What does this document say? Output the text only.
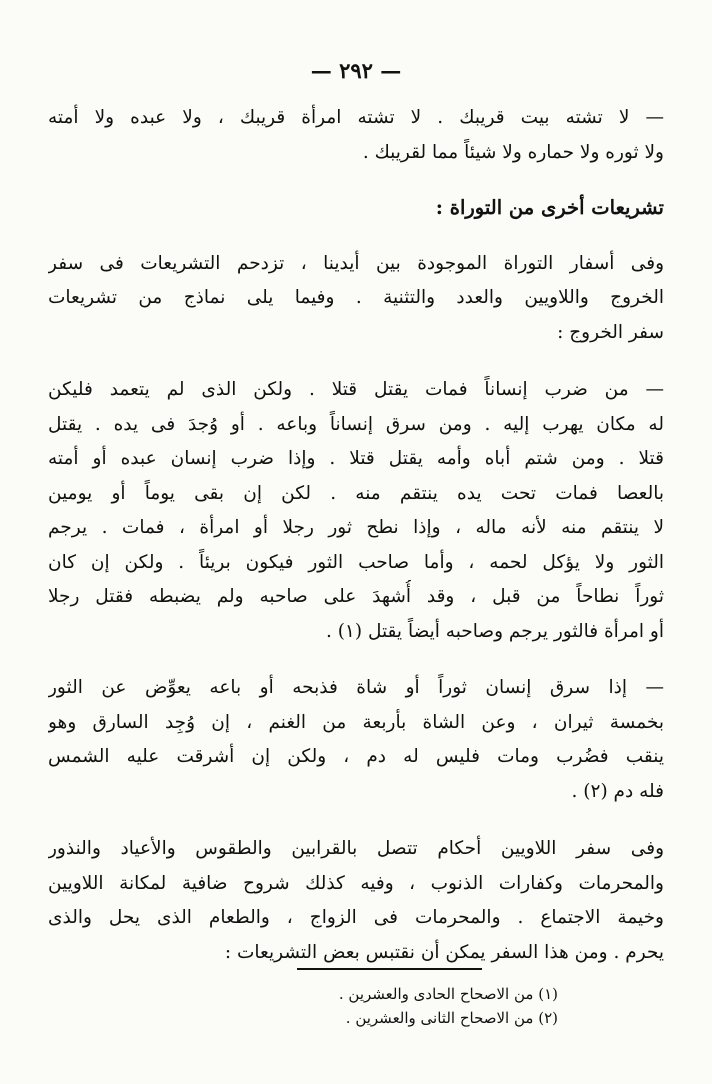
— ٢٩٢ —
— لا تشته بيت قريبك . لا تشته امرأة قريبك ، ولا عبده ولا أمته
ولا ثوره ولا حماره ولا شيئاً مما لقريبك .
تشريعات أخرى من التوراة :
وفى أسفار التوراة الموجودة بين أيدينا ، تزدحم التشريعات فى سفر
الخروج واللاويين والعدد والتثنية . وفيما يلى نماذج من تشريعات
سفر الخروج :
— من ضرب إنساناً فمات يقتل قتلا . ولكن الذى لم يتعمد فليكن
له مكان يهرب إليه . ومن سرق إنساناً وباعه . أو وُجدَ فى يده . يقتل
قتلا . ومن شتم أباه وأمه يقتل قتلا . وإذا ضرب إنسان عبده أو أمته
بالعصا فمات تحت يده ينتقم منه . لكن إن بقى يوماً أو يومين
لا ينتقم منه لأنه ماله ، وإذا نطح ثور رجلا أو امرأة ، فمات . يرجم
الثور ولا يؤكل لحمه ، وأما صاحب الثور فيكون بريئاً . ولكن إن كان
ثوراً نطاحاً من قبل ، وقد أُشهدَ على صاحبه ولم يضبطه فقتل رجلا
أو امرأة فالثور يرجم وصاحبه أيضاً يقتل (١) .
— إذا سرق إنسان ثوراً أو شاة فذبحه أو باعه يعوِّض عن الثور
بخمسة ثيران ، وعن الشاة بأربعة من الغنم ، إن وُجِد السارق وهو
ينقب فضُرب ومات فليس له دم ، ولكن إن أشرقت عليه الشمس
فله دم (٢) .
وفى سفر اللاويين أحكام تتصل بالقرابين والطقوس والأعياد والنذور
والمحرمات وكفارات الذنوب ، وفيه كذلك شروح ضافية لمكانة اللاويين
وخيمة الاجتماع . والمحرمات فى الزواج ، والطعام الذى يحل والذى
يحرم . ومن هذا السفر يمكن أن نقتبس بعض التشريعات :
(١) من الاصحاح الحادى والعشرين .
(٢) من الاصحاح الثانى والعشرين .
